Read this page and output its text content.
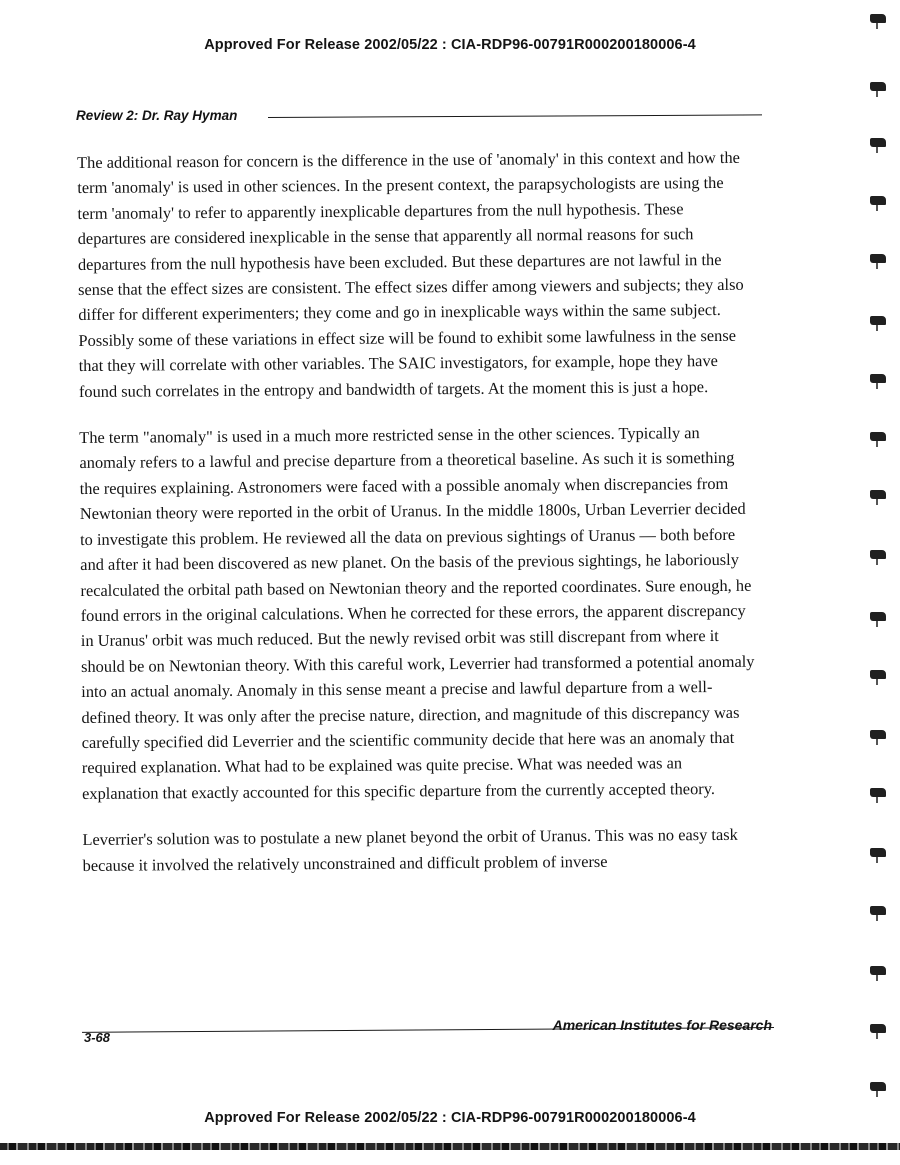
Approved For Release 2002/05/22 : CIA-RDP96-00791R000200180006-4
Review 2: Dr. Ray Hyman

The additional reason for concern is the difference in the use of 'anomaly' in this context and how the term 'anomaly' is used in other sciences. In the present context, the parapsychologists are using the term 'anomaly' to refer to apparently inexplicable departures from the null hypothesis. These departures are considered inexplicable in the sense that apparently all normal reasons for such departures from the null hypothesis have been excluded. But these departures are not lawful in the sense that the effect sizes are consistent. The effect sizes differ among viewers and subjects; they also differ for different experimenters; they come and go in inexplicable ways within the same subject. Possibly some of these variations in effect size will be found to exhibit some lawfulness in the sense that they will correlate with other variables. The SAIC investigators, for example, hope they have found such correlates in the entropy and bandwidth of targets. At the moment this is just a hope.

The term "anomaly" is used in a much more restricted sense in the other sciences. Typically an anomaly refers to a lawful and precise departure from a theoretical baseline. As such it is something the requires explaining. Astronomers were faced with a possible anomaly when discrepancies from Newtonian theory were reported in the orbit of Uranus. In the middle 1800s, Urban Leverrier decided to investigate this problem. He reviewed all the data on previous sightings of Uranus — both before and after it had been discovered as new planet. On the basis of the previous sightings, he laboriously recalculated the orbital path based on Newtonian theory and the reported coordinates. Sure enough, he found errors in the original calculations. When he corrected for these errors, the apparent discrepancy in Uranus' orbit was much reduced. But the newly revised orbit was still discrepant from where it should be on Newtonian theory. With this careful work, Leverrier had transformed a potential anomaly into an actual anomaly. Anomaly in this sense meant a precise and lawful departure from a well-defined theory. It was only after the precise nature, direction, and magnitude of this discrepancy was carefully specified did Leverrier and the scientific community decide that here was an anomaly that required explanation. What had to be explained was quite precise. What was needed was an explanation that exactly accounted for this specific departure from the currently accepted theory.

Leverrier's solution was to postulate a new planet beyond the orbit of Uranus. This was no easy task because it involved the relatively unconstrained and difficult problem of inverse

3-68
American Institutes for Research
Approved For Release 2002/05/22 : CIA-RDP96-00791R000200180006-4
